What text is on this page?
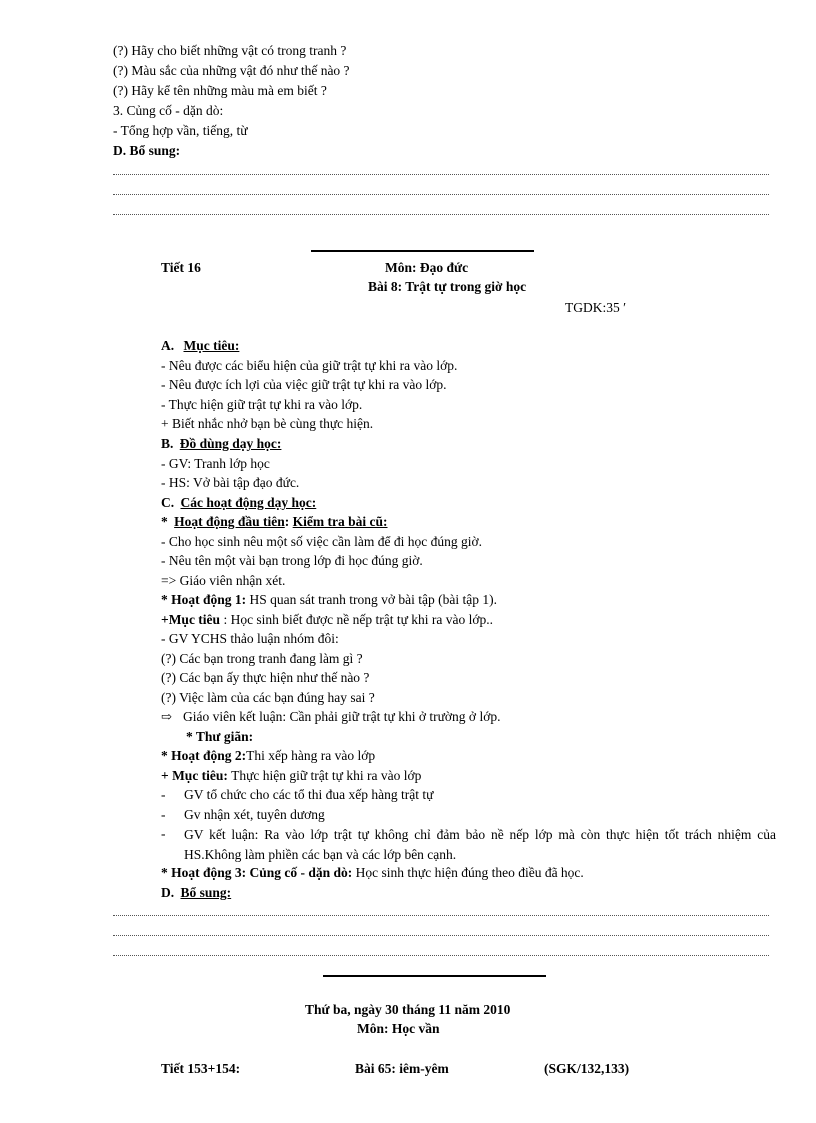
(?) Hãy cho biết những vật có trong tranh ?
(?) Màu sắc của những vật đó như thế nào ?
(?) Hãy kể tên những màu mà em biết ?
3. Củng cố - dặn dò:
- Tổng hợp vần, tiếng, từ
D. Bổ sung:
Tiết 16	Môn: Đạo đức
Bài 8: Trật tự trong giờ học
TGDK:35 ′
A. Mục tiêu:
- Nêu được các biểu hiện của giữ trật tự khi ra vào lớp.
- Nêu được ích lợi của việc giữ trật tự khi ra vào lớp.
- Thực hiện giữ trật tự khi ra vào lớp.
+ Biết nhắc nhở bạn bè cùng thực hiện.
B. Đồ dùng dạy học:
- GV: Tranh lớp học
- HS: Vở bài tập đạo đức.
C. Các hoạt động dạy học:
* Hoạt động đầu tiên: Kiểm tra bài cũ:
- Cho học sinh nêu một số việc cần làm để đi học đúng giờ.
- Nêu tên một vài bạn trong lớp đi học đúng giờ.
=> Giáo viên nhận xét.
* Hoạt động 1: HS quan sát tranh trong vở bài tập (bài tập 1).
+Mục tiêu : Học sinh biết được nề nếp trật tự khi ra vào lớp..
- GV YCHS thảo luận nhóm đôi:
(?) Các bạn trong tranh đang làm gì ?
(?) Các bạn ấy thực hiện như thế nào ?
(?) Việc làm của các bạn đúng hay sai ?
⇨ Giáo viên kết luận: Cần phải giữ trật tự khi ở trường ở lớp.
* Thư giãn:
* Hoạt động 2:Thi xếp hàng ra vào lớp
+ Mục tiêu: Thực hiện giữ trật tự khi ra vào lớp
- GV tổ chức cho các tổ thi đua xếp hàng trật tự
- Gv nhận xét, tuyên dương
- GV kết luận: Ra vào lớp trật tự không chỉ đảm bảo nề nếp lớp mà còn thực hiện tốt trách nhiệm của HS.Không làm phiền các bạn và các lớp bên cạnh.
* Hoạt động 3: Củng cố - dặn dò: Học sinh thực hiện đúng theo điều đã học.
D. Bổ sung:
Thứ ba, ngày 30 tháng 11 năm 2010
Môn: Học vần
Tiết 153+154:	Bài 65: iêm-yêm	(SGK/132,133)
